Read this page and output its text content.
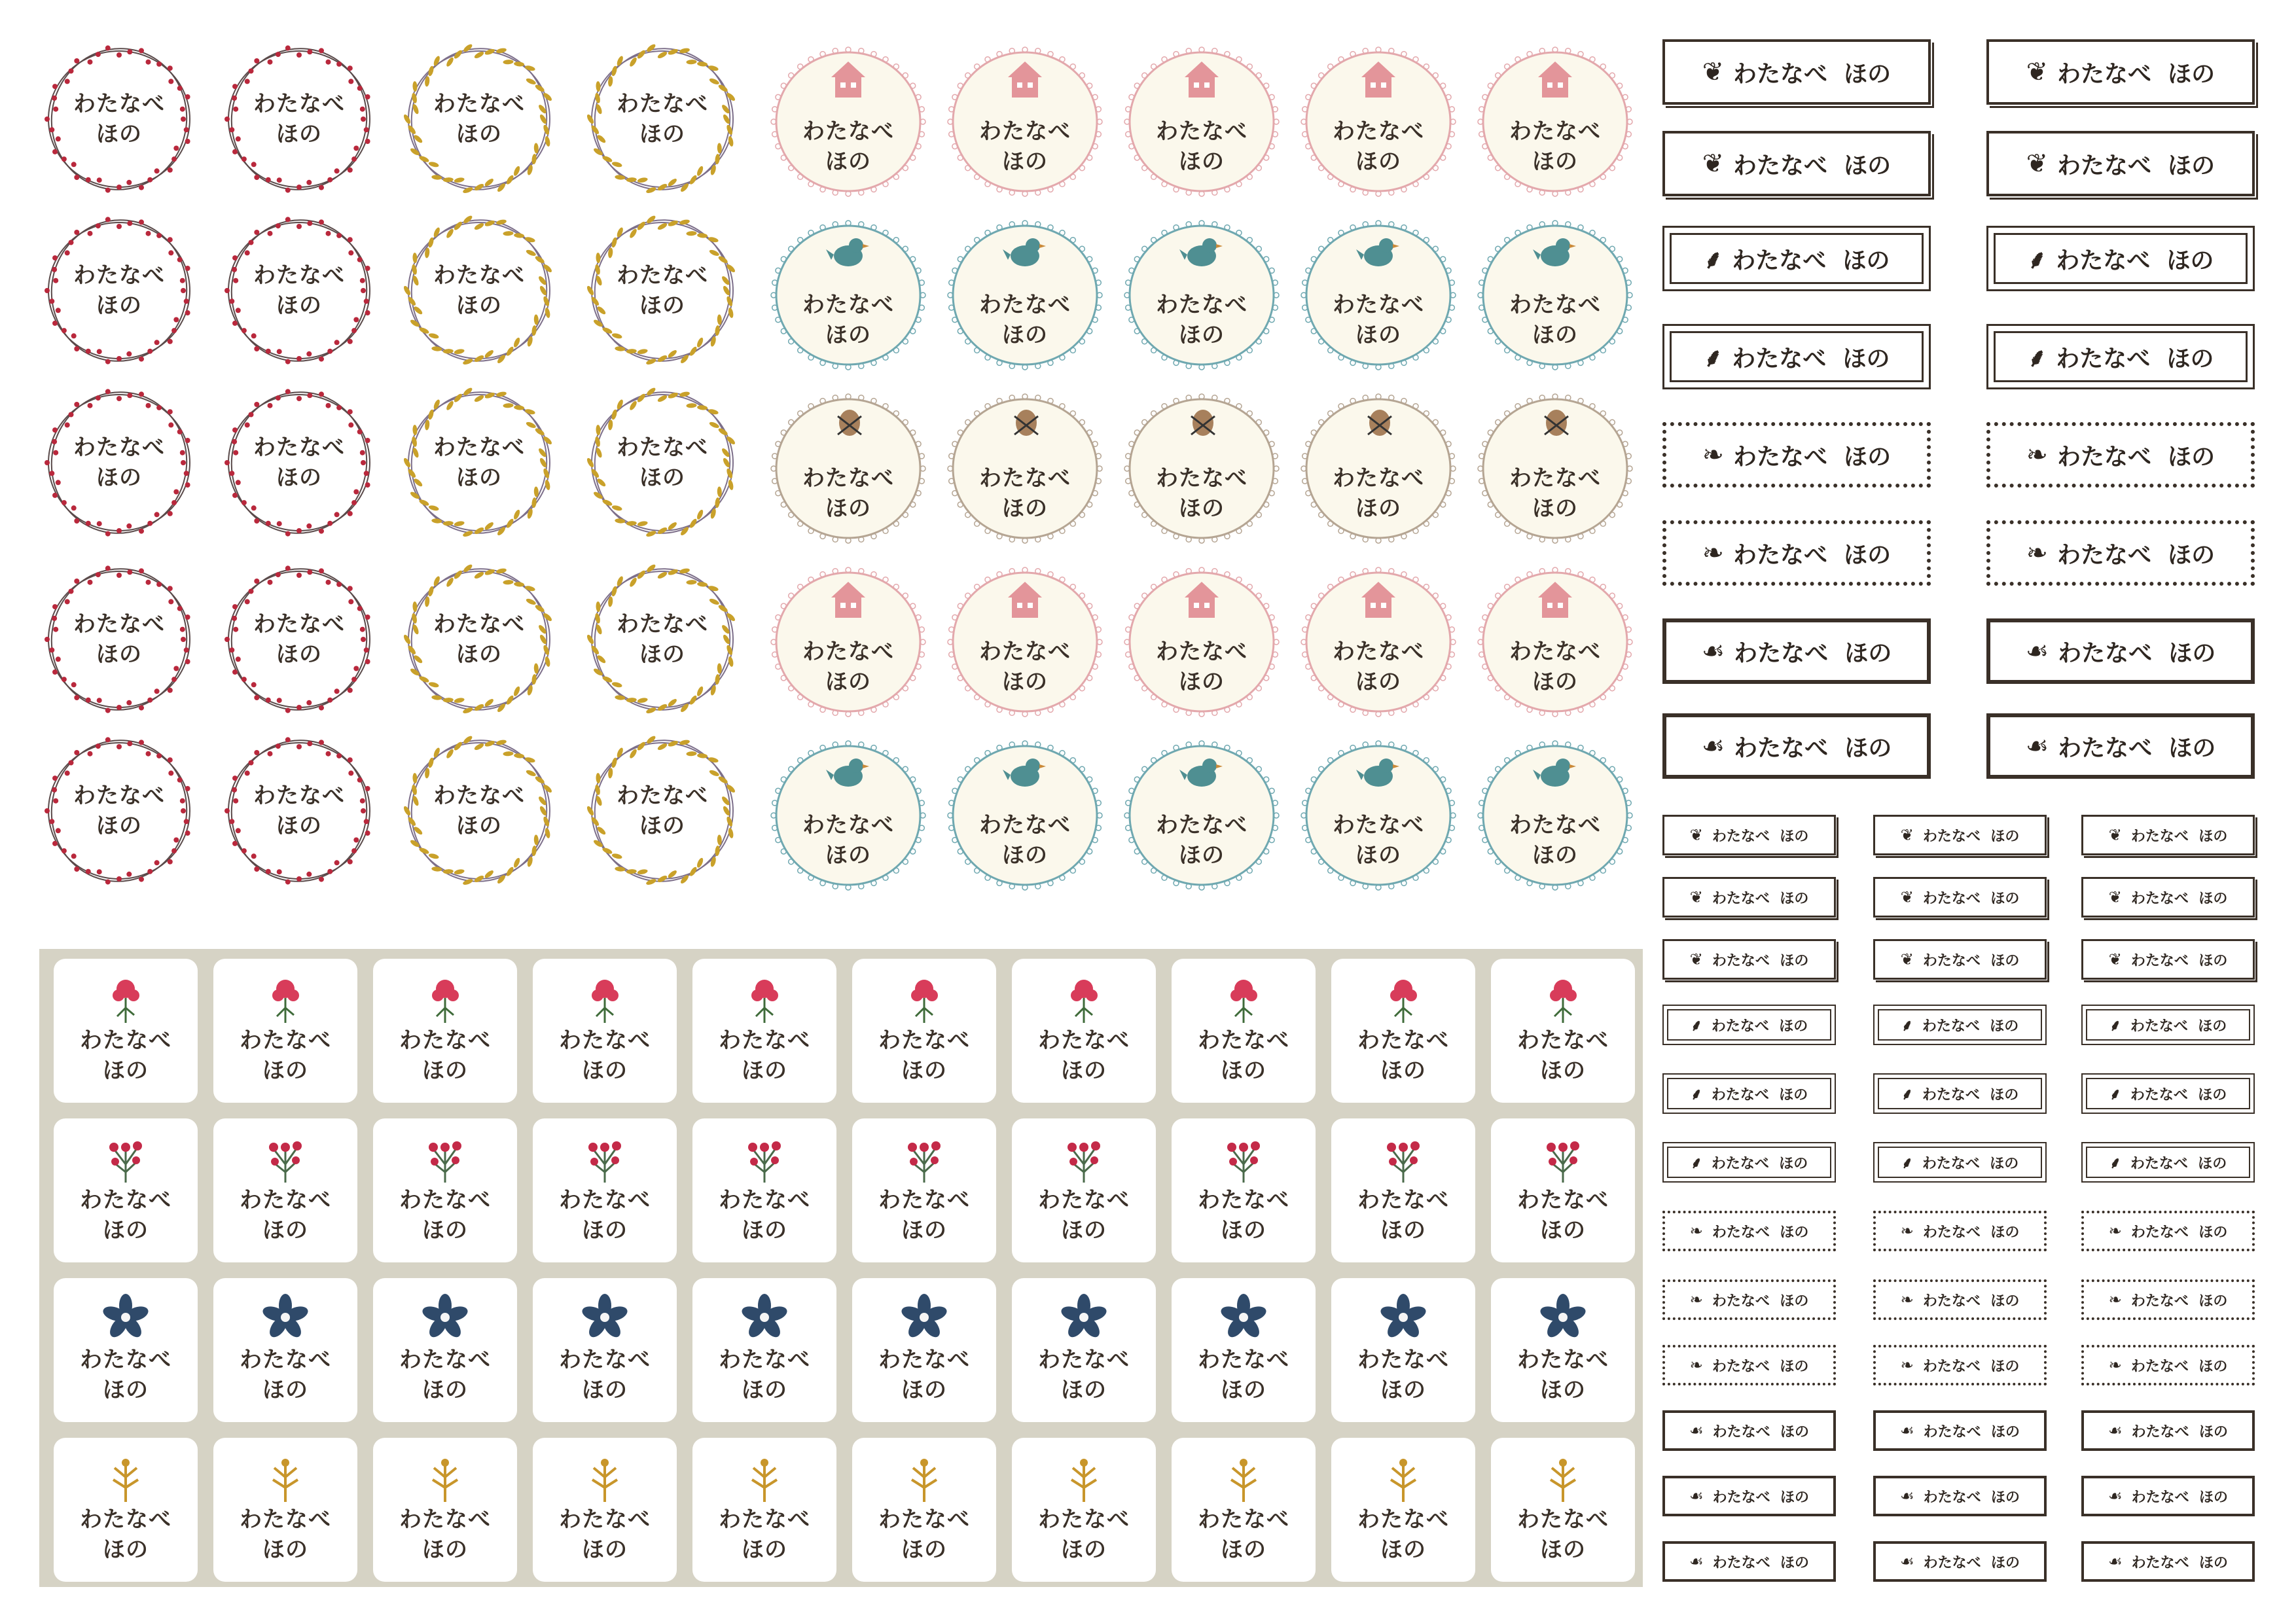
わたなべ
ほの
わたなべ
ほの
わたなべ
ほの
わたなべ
ほの
わたなべ
ほの
わたなべ
ほの
わたなべ
ほの
わたなべ
ほの
わたなべ
ほの
わたなべ
ほの
わたなべ
ほの
わたなべ
ほの
わたなべ
ほの
わたなべ
ほの
わたなべ
ほの
わたなべ
ほの
わたなべ
ほの
わたなべ
ほの
わたなべ
ほの
わたなべ
ほの
わたなべ
ほの
わたなべ
ほの
わたなべ
ほの
わたなべ
ほの
わたなべ
ほの
わたなべ
ほの
わたなべ
ほの
わたなべ
ほの
わたなべ
ほの
わたなべ
ほの
わたなべ
ほの
わたなべ
ほの
わたなべ
ほの
わたなべ
ほの
わたなべ
ほの
わたなべ
ほの
わたなべ
ほの
わたなべ
ほの
わたなべ
ほの
わたなべ
ほの
わたなべ
ほの
わたなべ
ほの
わたなべ
ほの
わたなべ
ほの
わたなべ
ほの
わたなべ
ほの
わたなべ
ほの
わたなべ
ほの
わたなべ
ほの
わたなべ
ほの
わたなべ
ほの
わたなべ
ほの
わたなべ
ほの
わたなべ
ほの
わたなべ
ほの
わたなべ
ほの
わたなべ
ほの
わたなべ
ほの
わたなべ
ほの
わたなべ
ほの
わたなべ
ほの
わたなべ
ほの
わたなべ
ほの
わたなべ
ほの
わたなべ
ほの
わたなべ
ほの
わたなべ
ほの
わたなべ
ほの
わたなべ
ほの
わたなべ
ほの
わたなべ
ほの
わたなべ
ほの
わたなべ
ほの
わたなべ
ほの
わたなべ
ほの
わたなべ
ほの
わたなべ
ほの
わたなべ
ほの
わたなべ
ほの
わたなべ
ほの
わたなべ
ほの
わたなべ
ほの
わたなべ
ほの
わたなべ
ほの
わたなべ
ほの
❦ わたなべ ほの	❦ わたなべ ほの
❦ わたなべ ほの	❦ わたなべ ほの
⸙ わたなべ ほの	⸙ わたなべ ほの
⸙ わたなべ ほの	⸙ わたなべ ほの
❧ わたなべ ほの	❧ わたなべ ほの
❧ わたなべ ほの	❧ わたなべ ほの
☙ わたなべ ほの	☙ わたなべ ほの
☙ わたなべ ほの	☙ わたなべ ほの
❦ わたなべ ほの	❦ わたなべ ほの	❦ わたなべ ほの
❦ わたなべ ほの	❦ わたなべ ほの	❦ わたなべ ほの
❦ わたなべ ほの	❦ わたなべ ほの	❦ わたなべ ほの
⸙ わたなべ ほの	⸙ わたなべ ほの	⸙ わたなべ ほの
⸙ わたなべ ほの	⸙ わたなべ ほの	⸙ わたなべ ほの
⸙ わたなべ ほの	⸙ わたなべ ほの	⸙ わたなべ ほの
❧ わたなべ ほの	❧ わたなべ ほの	❧ わたなべ ほの
❧ わたなべ ほの	❧ わたなべ ほの	❧ わたなべ ほの
❧ わたなべ ほの	❧ わたなべ ほの	❧ わたなべ ほの
☙ わたなべ ほの	☙ わたなべ ほの	☙ わたなべ ほの
☙ わたなべ ほの	☙ わたなべ ほの	☙ わたなべ ほの
☙ わたなべ ほの	☙ わたなべ ほの	☙ わたなべ ほの
